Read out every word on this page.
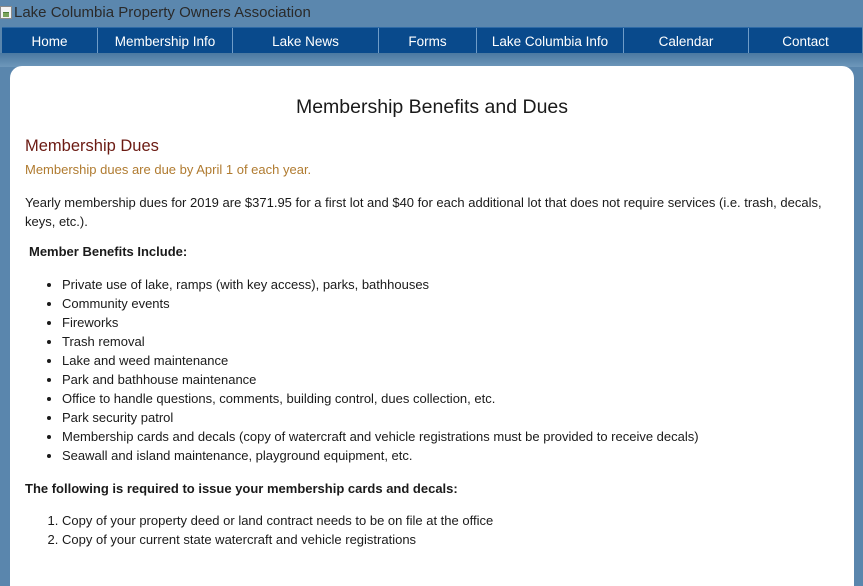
Lake Columbia Property Owners Association
Home	Membership Info	Lake News	Forms	Lake Columbia Info	Calendar	Contact
Membership Benefits and Dues
Membership Dues
Membership dues are due by April 1 of each year.

Yearly membership dues for 2019 are $371.95 for a first lot and $40 for each additional lot that does not require services (i.e. trash, decals, keys, etc.).

Member Benefits Include:
• Private use of lake, ramps (with key access), parks, bathhouses
• Community events
• Fireworks
• Trash removal
• Lake and weed maintenance
• Park and bathhouse maintenance
• Office to handle questions, comments, building control, dues collection, etc.
• Park security patrol
• Membership cards and decals (copy of watercraft and vehicle registrations must be provided to receive decals)
• Seawall and island maintenance, playground equipment, etc.
The following is required to issue your membership cards and decals:
1. Copy of your property deed or land contract needs to be on file at the office
2. Copy of your current state watercraft and vehicle registrations
